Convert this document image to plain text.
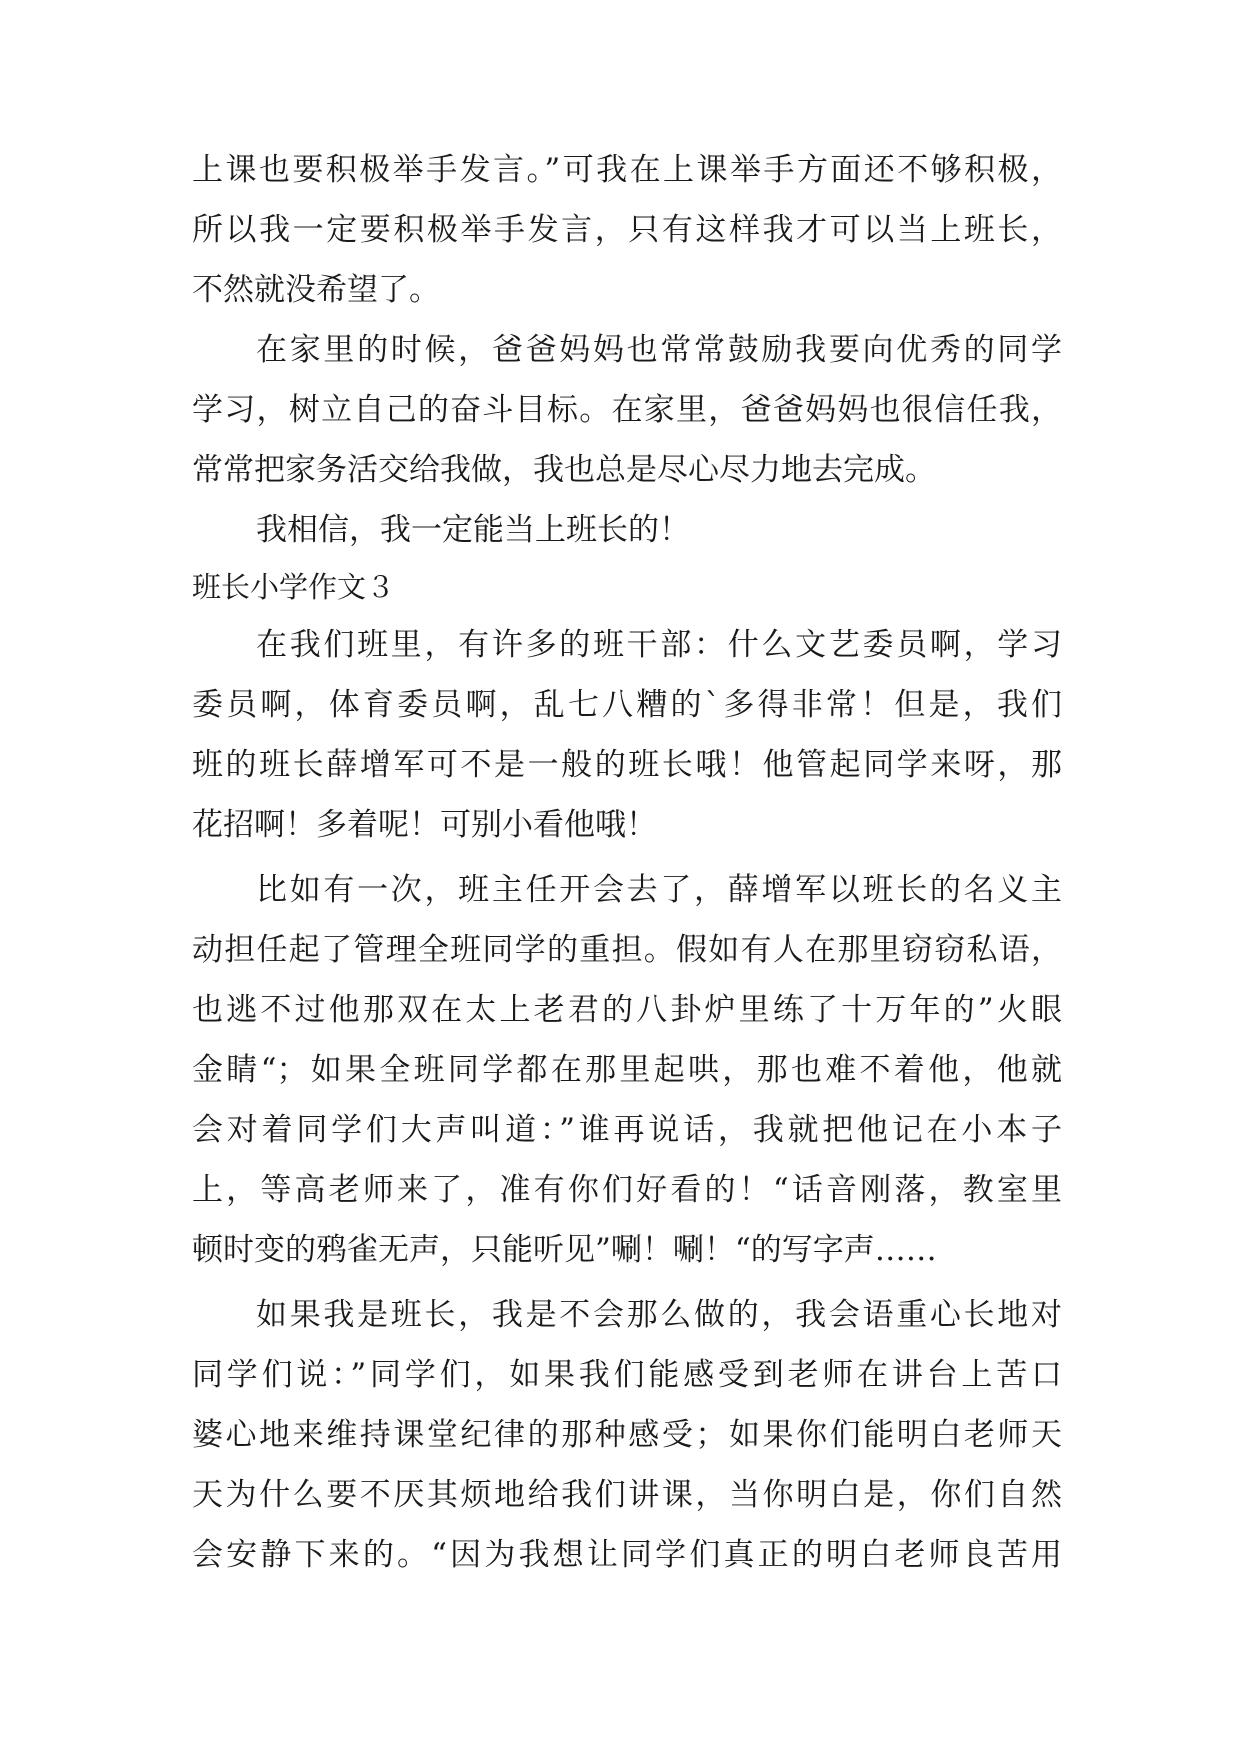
上课也要积极举手发言。”可我在上课举手方面还不够积极，
所以我一定要积极举手发言，只有这样我才可以当上班长，
不然就没希望了。
在家里的时候，爸爸妈妈也常常鼓励我要向优秀的同学
学习，树立自己的奋斗目标。在家里，爸爸妈妈也很信任我，
常常把家务活交给我做，我也总是尽心尽力地去完成。
我相信，我一定能当上班长的！
班长小学作文３
在我们班里，有许多的班干部：什么文艺委员啊，学习
委员啊，体育委员啊，乱七八糟的`多得非常！但是，我们
班的班长薛增军可不是一般的班长哦！他管起同学来呀，那
花招啊！多着呢！可别小看他哦！
比如有一次，班主任开会去了，薛增军以班长的名义主
动担任起了管理全班同学的重担。假如有人在那里窃窃私语，
也逃不过他那双在太上老君的八卦炉里练了十万年的”火眼
金睛“；如果全班同学都在那里起哄，那也难不着他，他就
会对着同学们大声叫道：”谁再说话，我就把他记在小本子
上，等高老师来了，准有你们好看的！“话音刚落，教室里
顿时变的鸦雀无声，只能听见”唰！唰！“的写字声……
如果我是班长，我是不会那么做的，我会语重心长地对
同学们说：”同学们，如果我们能感受到老师在讲台上苦口
婆心地来维持课堂纪律的那种感受；如果你们能明白老师天
天为什么要不厌其烦地给我们讲课，当你明白是，你们自然
会安静下来的。“因为我想让同学们真正的明白老师良苦用
